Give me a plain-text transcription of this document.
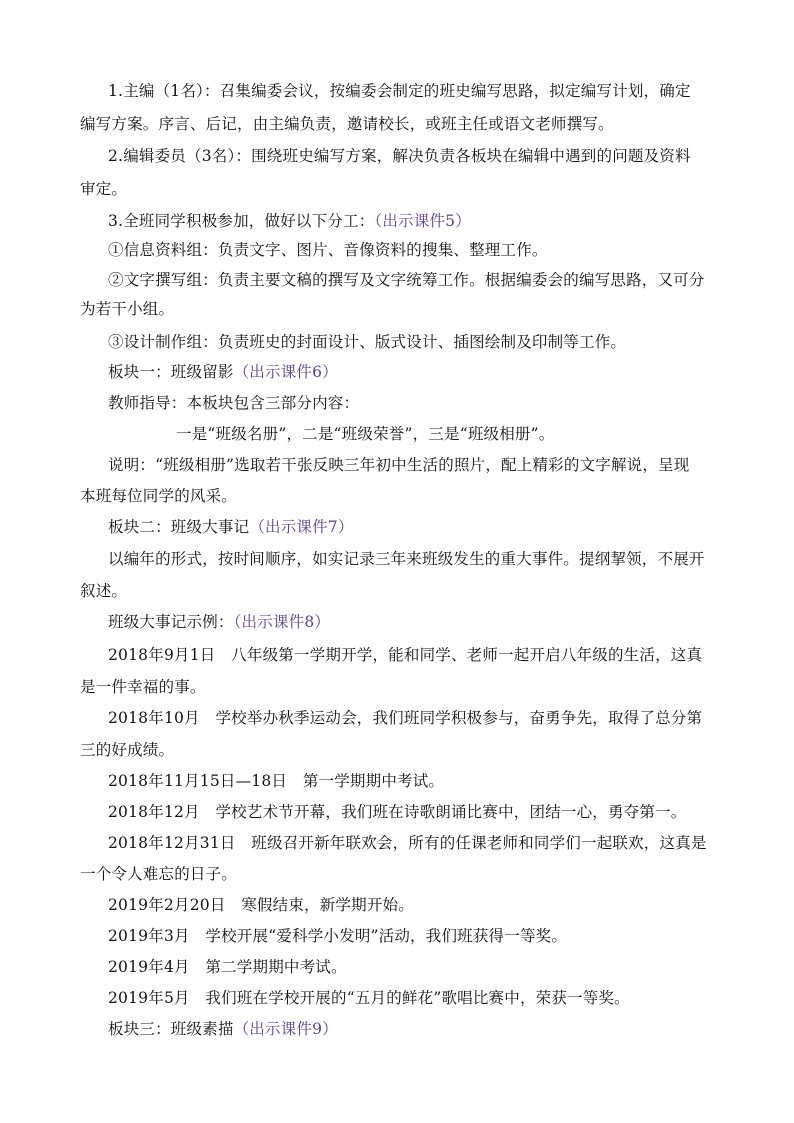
1.主编（1名）：召集编委会议，按编委会制定的班史编写思路，拟定编写计划，确定
编写方案。序言、后记，由主编负责，邀请校长，或班主任或语文老师撰写。
2.编辑委员（3名）：围绕班史编写方案，解决负责各板块在编辑中遇到的问题及资料
审定。
3.全班同学积极参加，做好以下分工：（出示课件5）
①信息资料组：负责文字、图片、音像资料的搜集、整理工作。
②文字撰写组：负责主要文稿的撰写及文字统筹工作。根据编委会的编写思路，又可分
为若干小组。
③设计制作组：负责班史的封面设计、版式设计、插图绘制及印制等工作。
板块一：班级留影（出示课件6）
教师指导：本板块包含三部分内容：
一是“班级名册”，二是“班级荣誉”，三是“班级相册”。
说明：“班级相册”选取若干张反映三年初中生活的照片，配上精彩的文字解说，呈现
本班每位同学的风采。
板块二：班级大事记（出示课件7）
以编年的形式，按时间顺序，如实记录三年来班级发生的重大事件。提纲挈领，不展开
叙述。
班级大事记示例：（出示课件8）
2018年9月1日　八年级第一学期开学，能和同学、老师一起开启八年级的生活，这真
是一件幸福的事。
2018年10月　学校举办秋季运动会，我们班同学积极参与，奋勇争先，取得了总分第
三的好成绩。
2018年11月15日—18日　第一学期期中考试。
2018年12月　学校艺术节开幕，我们班在诗歌朗诵比赛中，团结一心，勇夺第一。
2018年12月31日　班级召开新年联欢会，所有的任课老师和同学们一起联欢，这真是
一个令人难忘的日子。
2019年2月20日　寒假结束，新学期开始。
2019年3月　学校开展“爱科学小发明”活动，我们班获得一等奖。
2019年4月　第二学期期中考试。
2019年5月　我们班在学校开展的“五月的鲜花”歌唱比赛中，荣获一等奖。
板块三：班级素描（出示课件9）
